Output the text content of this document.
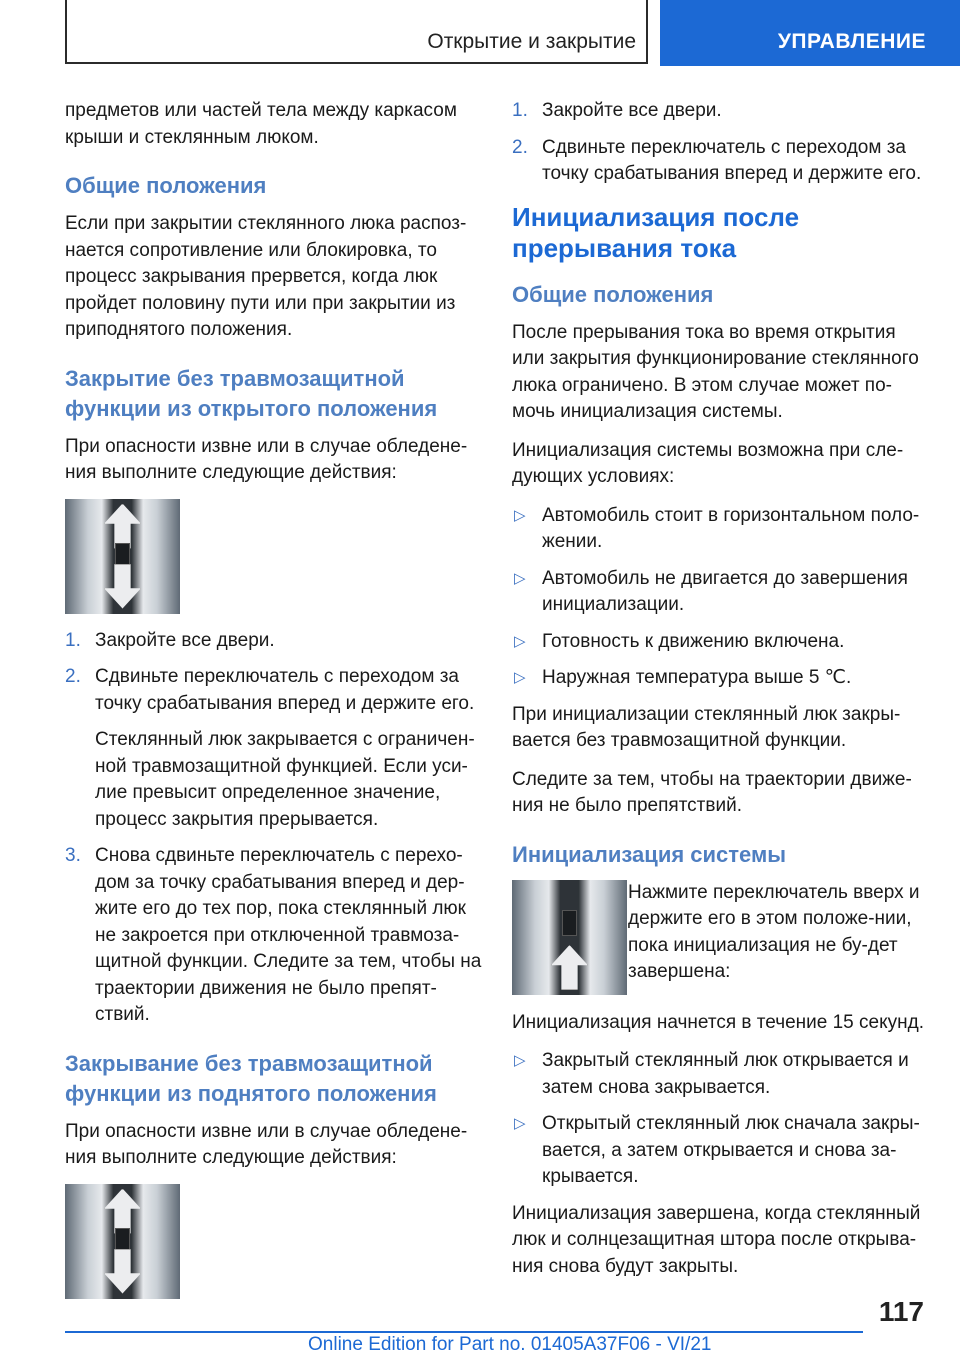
Открытие и закрытие	УПРАВЛЕНИЕ

предметов или частей тела между каркасом крыши и стеклянным люком.

Общие положения

Если при закрытии стеклянного люка распоз-нается сопротивление или блокировка, то процесс закрывания прервется, когда люк пройдет половину пути или при закрытии из приподнятого положения.

Закрытие без травмозащитной функции из открытого положения

При опасности извне или в случае обледене-ния выполните следующие действия:

1. Закройте все двери.
2. Сдвиньте переключатель с переходом за точку срабатывания вперед и держите его.
Стеклянный люк закрывается с ограничен-ной травмозащитной функцией. Если уси-лие превысит определенное значение, процесс закрытия прерывается.
3. Снова сдвиньте переключатель с перехо-дом за точку срабатывания вперед и дер-жите его до тех пор, пока стеклянный люк не закроется при отключенной травмоза-щитной функции. Следите за тем, чтобы на траектории движения не было препят-ствий.
Закрывание без травмозащитной функции из поднятого положения

При опасности извне или в случае обледене-ния выполните следующие действия:

1. Закройте все двери.
2. Сдвиньте переключатель с переходом за точку срабатывания вперед и держите его.
Инициализация после прерывания тока
Общие положения

После прерывания тока во время открытия или закрытия функционирование стеклянного люка ограничено. В этом случае может по-мочь инициализация системы.

Инициализация системы возможна при сле-дующих условиях:

▷ Автомобиль стоит в горизонтальном поло-жении.
▷ Автомобиль не двигается до завершения инициализации.
▷ Готовность к движению включена.
▷ Наружная температура выше 5 ℃.

При инициализации стеклянный люк закры-вается без травмозащитной функции.

Следите за тем, чтобы на траектории движе-ния не было препятствий.

Инициализация системы

Нажмите переключатель вверх и держите его в этом положе-нии, пока инициализация не бу-дет завершена:

Инициализация начнется в течение 15 секунд.

▷ Закрытый стеклянный люк открывается и затем снова закрывается.
▷ Открытый стеклянный люк сначала закры-вается, а затем открывается и снова за-крывается.

Инициализация завершена, когда стеклянный люк и солнцезащитная штора после открыва-ния снова будут закрыты.

117
Online Edition for Part no. 01405A37F06 - VI/21
